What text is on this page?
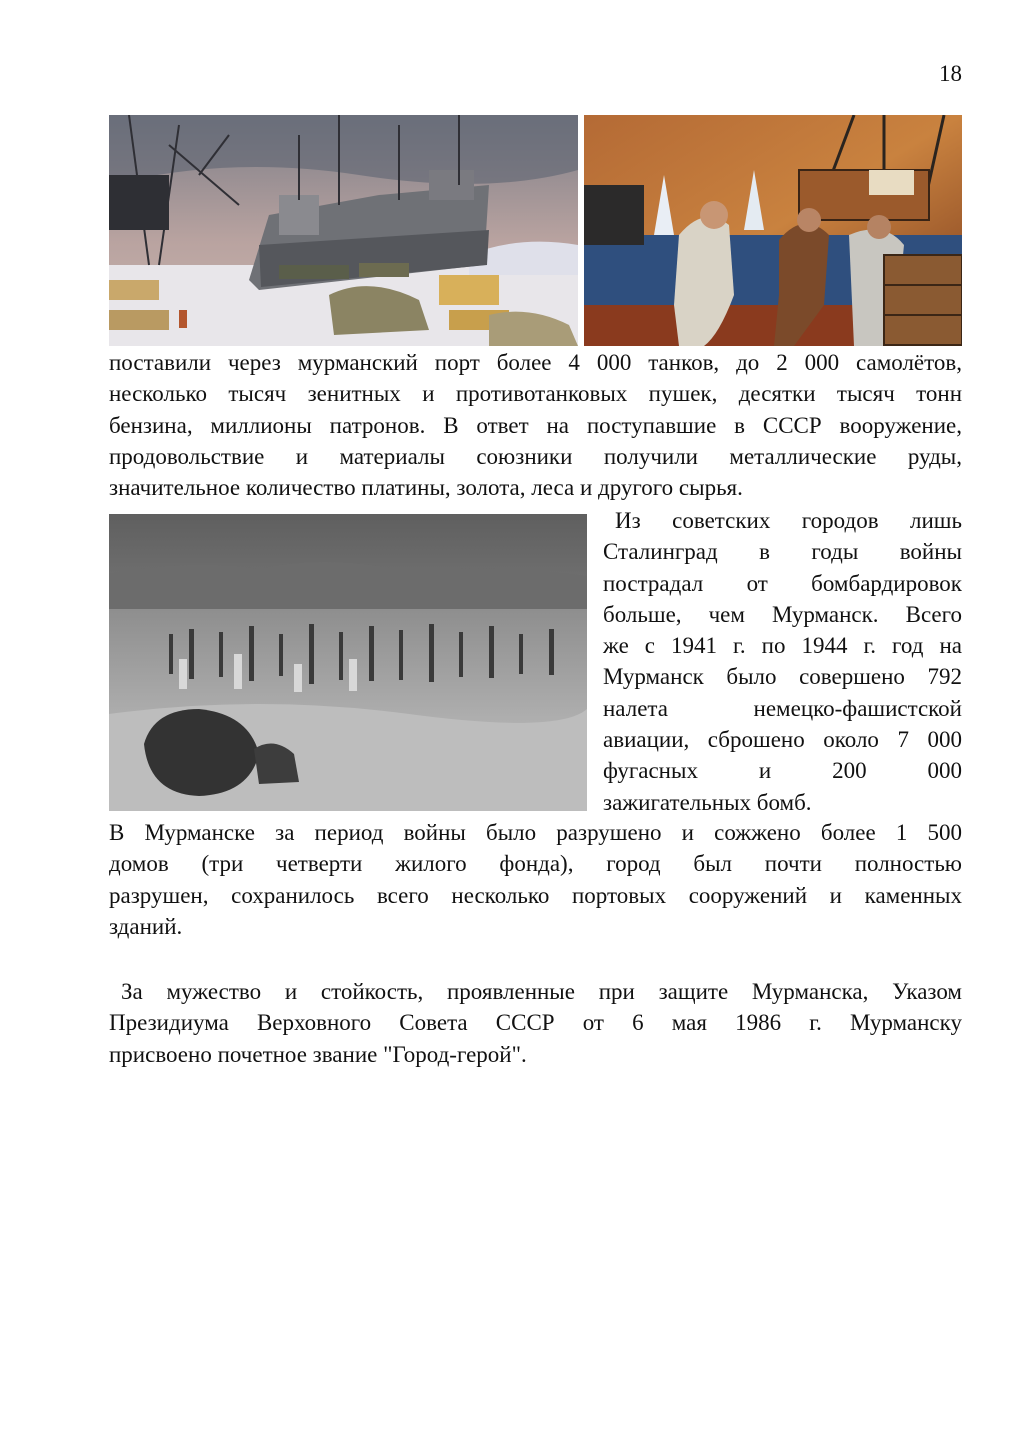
18

поставили через мурманский порт более 4 000 танков, до 2 000 самолётов,
несколько тысяч зенитных и противотанковых пушек, десятки тысяч тонн
бензина, миллионы патронов. В ответ на поступавшие в СССР вооружение,
продовольствие и материалы союзники получили металлические руды,
значительное количество платины, золота, леса и другого сырья.

Из советских городов лишь
Сталинград в годы войны
пострадал от бомбардировок
больше, чем Мурманск. Всего
же с 1941 г. по 1944 г. год на
Мурманск было совершено 792
налета немецко-фашистской
авиации, сброшено около 7 000
фугасных и 200 000
зажигательных бомб.

В Мурманске за период войны было разрушено и сожжено более 1 500
домов (три четверти жилого фонда), город был почти полностью
разрушен, сохранилось всего несколько портовых сооружений и каменных
зданий.

За мужество и стойкость, проявленные при защите Мурманска, Указом
Президиума Верховного Совета СССР от 6 мая 1986 г. Мурманску
присвоено почетное звание "Город-герой".
